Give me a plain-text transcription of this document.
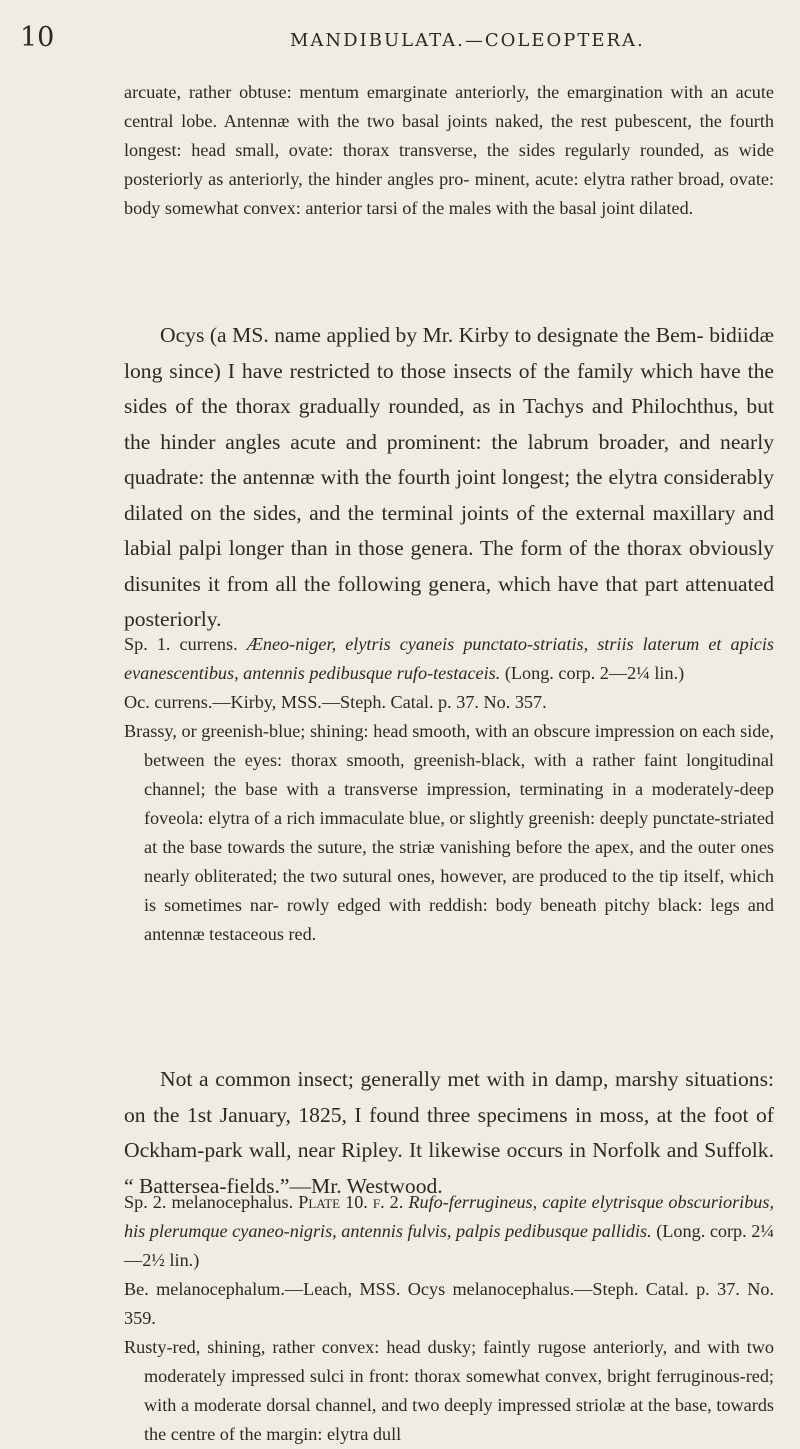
10	MANDIBULATA.—COLEOPTERA.

arcuate, rather obtuse: mentum emarginate anteriorly, the emargination with an acute central lobe. Antennæ with the two basal joints naked, the rest pubescent, the fourth longest: head small, ovate: thorax transverse, the sides regularly rounded, as wide posteriorly as anteriorly, the hinder angles pro- minent, acute: elytra rather broad, ovate: body somewhat convex: anterior tarsi of the males with the basal joint dilated.

Ocys (a MS. name applied by Mr. Kirby to designate the Bem- bidiidæ long since) I have restricted to those insects of the family which have the sides of the thorax gradually rounded, as in Tachys and Philochthus, but the hinder angles acute and prominent: the labrum broader, and nearly quadrate: the antennæ with the fourth joint longest; the elytra considerably dilated on the sides, and the terminal joints of the external maxillary and labial palpi longer than in those genera. The form of the thorax obviously disunites it from all the following genera, which have that part attenuated posteriorly.

Sp. 1. currens. Æneo-niger, elytris cyaneis punctato-striatis, striis laterum et apicis evanescentibus, antennis pedibusque rufo-testaceis. (Long. corp. 2—2¼ lin.)

Oc. currens.—Kirby, MSS.—Steph. Catal. p. 37. No. 357.

Brassy, or greenish-blue; shining: head smooth, with an obscure impression on each side, between the eyes: thorax smooth, greenish-black, with a rather faint longitudinal channel; the base with a transverse impression, terminating in a moderately-deep foveola: elytra of a rich immaculate blue, or slightly greenish: deeply punctate-striated at the base towards the suture, the striæ vanishing before the apex, and the outer ones nearly obliterated; the two sutural ones, however, are produced to the tip itself, which is sometimes nar- rowly edged with reddish: body beneath pitchy black: legs and antennæ testaceous red.

Not a common insect; generally met with in damp, marshy situations: on the 1st January, 1825, I found three specimens in moss, at the foot of Ockham-park wall, near Ripley. It likewise occurs in Norfolk and Suffolk. “ Battersea-fields.”—Mr. Westwood.

Sp. 2. melanocephalus. Plate 10. f. 2. Rufo-ferrugineus, capite elytrisque obscurioribus, his plerumque cyaneo-nigris, antennis fulvis, palpis pedibusque pallidis. (Long. corp. 2¼—2½ lin.)

Be. melanocephalum.—Leach, MSS. Ocys melanocephalus.—Steph. Catal. p. 37. No. 359.

Rusty-red, shining, rather convex: head dusky; faintly rugose anteriorly, and with two moderately impressed sulci in front: thorax somewhat convex, bright ferruginous-red; with a moderate dorsal channel, and two deeply impressed striolæ at the base, towards the centre of the margin: elytra dull
